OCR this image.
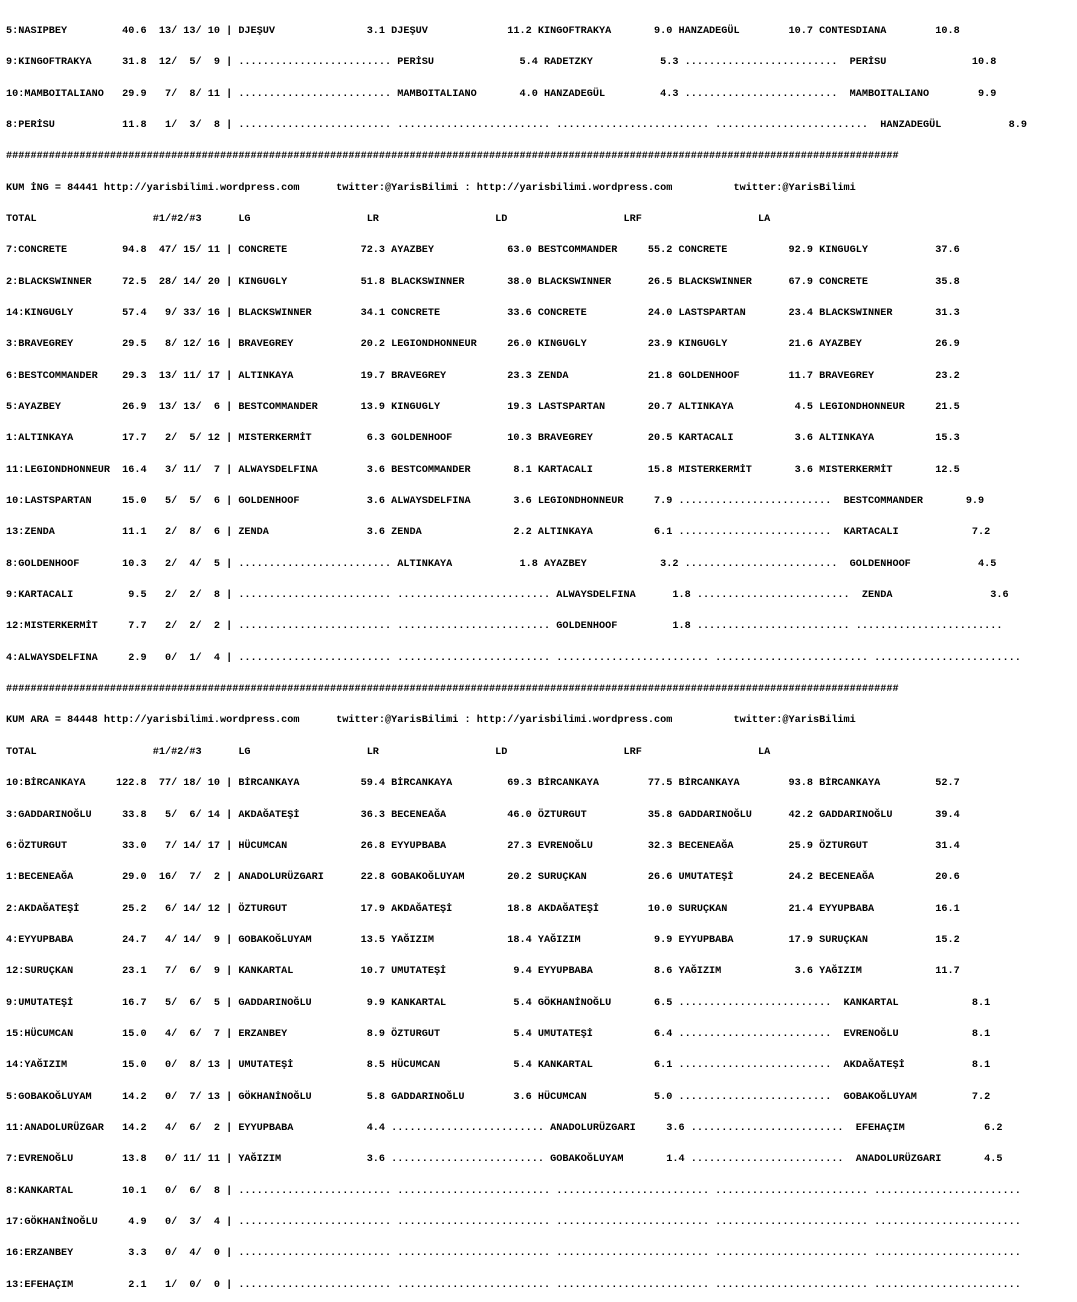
5:NASIPBEY         40.6  13/ 13/ 10 | DJEŞUV               3.1 DJEŞUV             11.2 KINGOFTRAKYA       9.0 HANZADEGÜL        10.7 CONTESDIANA        10.8

9:KINGOFTRAKYA     31.8  12/  5/  9 | ......................... PERİSU              5.4 RADETZKY           5.3 .........................  PERİSU              10.8

10:MAMBOITALIANO   29.9   7/  8/ 11 | ......................... MAMBOITALIANO       4.0 HANZADEGÜL         4.3 .........................  MAMBOITALIANO        9.9

8:PERİSU           11.8   1/  3/  8 | ......................... ......................... ......................... .........................  HANZADEGÜL           8.9

##################################################################################################################################################

KUM İNG = 84441 http://yarisbilimi.wordpress.com      twitter:@YarisBilimi : http://yarisbilimi.wordpress.com          twitter:@YarisBilimi

TOTAL                   #1/#2/#3      LG                   LR                   LD                   LRF                   LA

7:CONCRETE         94.8  47/ 15/ 11 | CONCRETE            72.3 AYAZBEY            63.0 BESTCOMMANDER     55.2 CONCRETE          92.9 KINGUGLY           37.6

2:BLACKSWINNER     72.5  28/ 14/ 20 | KINGUGLY            51.8 BLACKSWINNER       38.0 BLACKSWINNER      26.5 BLACKSWINNER      67.9 CONCRETE           35.8

14:KINGUGLY        57.4   9/ 33/ 16 | BLACKSWINNER        34.1 CONCRETE           33.6 CONCRETE          24.0 LASTSPARTAN       23.4 BLACKSWINNER       31.3

3:BRAVEGREY        29.5   8/ 12/ 16 | BRAVEGREY           20.2 LEGIONDHONNEUR     26.0 KINGUGLY          23.9 KINGUGLY          21.6 AYAZBEY            26.9

6:BESTCOMMANDER    29.3  13/ 11/ 17 | ALTINKAYA           19.7 BRAVEGREY          23.3 ZENDA             21.8 GOLDENHOOF        11.7 BRAVEGREY          23.2

5:AYAZBEY          26.9  13/ 13/  6 | BESTCOMMANDER       13.9 KINGUGLY           19.3 LASTSPARTAN       20.7 ALTINKAYA          4.5 LEGIONDHONNEUR     21.5

1:ALTINKAYA        17.7   2/  5/ 12 | MISTERKERMİT         6.3 GOLDENHOOF         10.3 BRAVEGREY         20.5 KARTACALI          3.6 ALTINKAYA          15.3

11:LEGIONDHONNEUR  16.4   3/ 11/  7 | ALWAYSDELFINA        3.6 BESTCOMMANDER       8.1 KARTACALI         15.8 MISTERKERMİT       3.6 MISTERKERMİT       12.5

10:LASTSPARTAN     15.0   5/  5/  6 | GOLDENHOOF           3.6 ALWAYSDELFINA       3.6 LEGIONDHONNEUR     7.9 .........................  BESTCOMMANDER       9.9

13:ZENDA           11.1   2/  8/  6 | ZENDA                3.6 ZENDA               2.2 ALTINKAYA          6.1 .........................  KARTACALI            7.2

8:GOLDENHOOF       10.3   2/  4/  5 | ......................... ALTINKAYA           1.8 AYAZBEY            3.2 .........................  GOLDENHOOF           4.5

9:KARTACALI         9.5   2/  2/  8 | ......................... ......................... ALWAYSDELFINA      1.8 .........................  ZENDA                3.6

12:MISTERKERMİT     7.7   2/  2/  2 | ......................... ......................... GOLDENHOOF         1.8 ......................... ........................

4:ALWAYSDELFINA     2.9   0/  1/  4 | ......................... ......................... ......................... ......................... ........................

##################################################################################################################################################

KUM ARA = 84448 http://yarisbilimi.wordpress.com      twitter:@YarisBilimi : http://yarisbilimi.wordpress.com          twitter:@YarisBilimi

TOTAL                   #1/#2/#3      LG                   LR                   LD                   LRF                   LA

10:BİRCANKAYA     122.8  77/ 18/ 10 | BİRCANKAYA          59.4 BİRCANKAYA         69.3 BİRCANKAYA        77.5 BİRCANKAYA        93.8 BİRCANKAYA         52.7

3:GADDARINOĞLU     33.8   5/  6/ 14 | AKDAĞATEŞİ          36.3 BECENEAĞA          46.0 ÖZTURGUT          35.8 GADDARINOĞLU      42.2 GADDARINOĞLU       39.4

6:ÖZTURGUT         33.0   7/ 14/ 17 | HÜCUMCAN            26.8 EYYUPBABA          27.3 EVRENOĞLU         32.3 BECENEAĞA         25.9 ÖZTURGUT           31.4

1:BECENEAĞA        29.0  16/  7/  2 | ANADOLURÜZGARI      22.8 GOBAKOĞLUYAM       20.2 SURUÇKAN          26.6 UMUTATEŞİ         24.2 BECENEAĞA          20.6

2:AKDAĞATEŞİ       25.2   6/ 14/ 12 | ÖZTURGUT            17.9 AKDAĞATEŞİ         18.8 AKDAĞATEŞİ        10.0 SURUÇKAN          21.4 EYYUPBABA          16.1

4:EYYUPBABA        24.7   4/ 14/  9 | GOBAKOĞLUYAM        13.5 YAĞIZIM            18.4 YAĞIZIM            9.9 EYYUPBABA         17.9 SURUÇKAN           15.2

12:SURUÇKAN        23.1   7/  6/  9 | KANKARTAL           10.7 UMUTATEŞİ           9.4 EYYUPBABA          8.6 YAĞIZIM            3.6 YAĞIZIM            11.7

9:UMUTATEŞİ        16.7   5/  6/  5 | GADDARINOĞLU         9.9 KANKARTAL           5.4 GÖKHANİNOĞLU       6.5 .........................  KANKARTAL            8.1

15:HÜCUMCAN        15.0   4/  6/  7 | ERZANBEY             8.9 ÖZTURGUT            5.4 UMUTATEŞİ          6.4 .........................  EVRENOĞLU            8.1

14:YAĞIZIM         15.0   0/  8/ 13 | UMUTATEŞİ            8.5 HÜCUMCAN            5.4 KANKARTAL          6.1 .........................  AKDAĞATEŞİ           8.1

5:GOBAKOĞLUYAM     14.2   0/  7/ 13 | GÖKHANİNOĞLU         5.8 GADDARINOĞLU        3.6 HÜCUMCAN           5.0 .........................  GOBAKOĞLUYAM         7.2

11:ANADOLURÜZGAR   14.2   4/  6/  2 | EYYUPBABA            4.4 ......................... ANADOLURÜZGARI     3.6 .........................  EFEHAÇIM             6.2

7:EVRENOĞLU        13.8   0/ 11/ 11 | YAĞIZIM              3.6 ......................... GOBAKOĞLUYAM       1.4 .........................  ANADOLURÜZGARI       4.5

8:KANKARTAL        10.1   0/  6/  8 | ......................... ......................... ......................... ......................... ........................

17:GÖKHANİNOĞLU     4.9   0/  3/  4 | ......................... ......................... ......................... ......................... ........................

16:ERZANBEY         3.3   0/  4/  0 | ......................... ......................... ......................... ......................... ........................

13:EFEHAÇIM         2.1   1/  0/  0 | ......................... ......................... ......................... ......................... ........................
